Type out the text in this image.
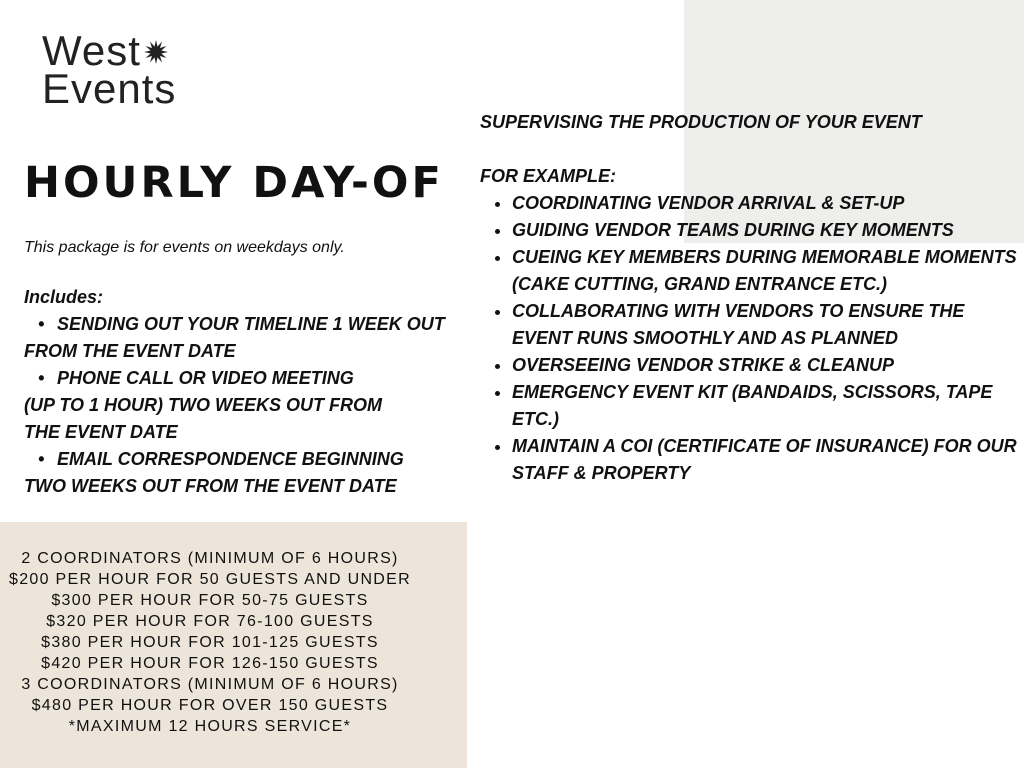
West
Events
HOURLY DAY-OF

This package is for events on weekdays only.

Includes:

• SENDING OUT YOUR TIMELINE 1 WEEK OUT

FROM THE EVENT DATE

• PHONE CALL OR VIDEO MEETING

(UP TO 1 HOUR) TWO WEEKS OUT FROM

THE EVENT DATE

• EMAIL CORRESPONDENCE BEGINNING

TWO WEEKS OUT FROM THE EVENT DATE

2 COORDINATORS (MINIMUM OF 6 HOURS)
$200 PER HOUR FOR 50 GUESTS AND UNDER
$300 PER HOUR FOR 50-75 GUESTS
$320 PER HOUR FOR 76-100 GUESTS
$380 PER HOUR FOR 101-125 GUESTS
$420 PER HOUR FOR 126-150 GUESTS
3 COORDINATORS (MINIMUM OF 6 HOURS)
$480 PER HOUR FOR OVER 150 GUESTS
*MAXIMUM 12 HOURS SERVICE*

SUPERVISING THE PRODUCTION OF YOUR EVENT

FOR EXAMPLE:

• COORDINATING VENDOR ARRIVAL & SET-UP
• GUIDING VENDOR TEAMS DURING KEY MOMENTS
• CUEING KEY MEMBERS DURING MEMORABLE MOMENTS (CAKE CUTTING, GRAND ENTRANCE ETC.)
• COLLABORATING WITH VENDORS TO ENSURE THE EVENT RUNS SMOOTHLY AND AS PLANNED
• OVERSEEING VENDOR STRIKE & CLEANUP
• EMERGENCY EVENT KIT (BANDAIDS, SCISSORS, TAPE ETC.)
• MAINTAIN A COI (CERTIFICATE OF INSURANCE) FOR OUR STAFF & PROPERTY
